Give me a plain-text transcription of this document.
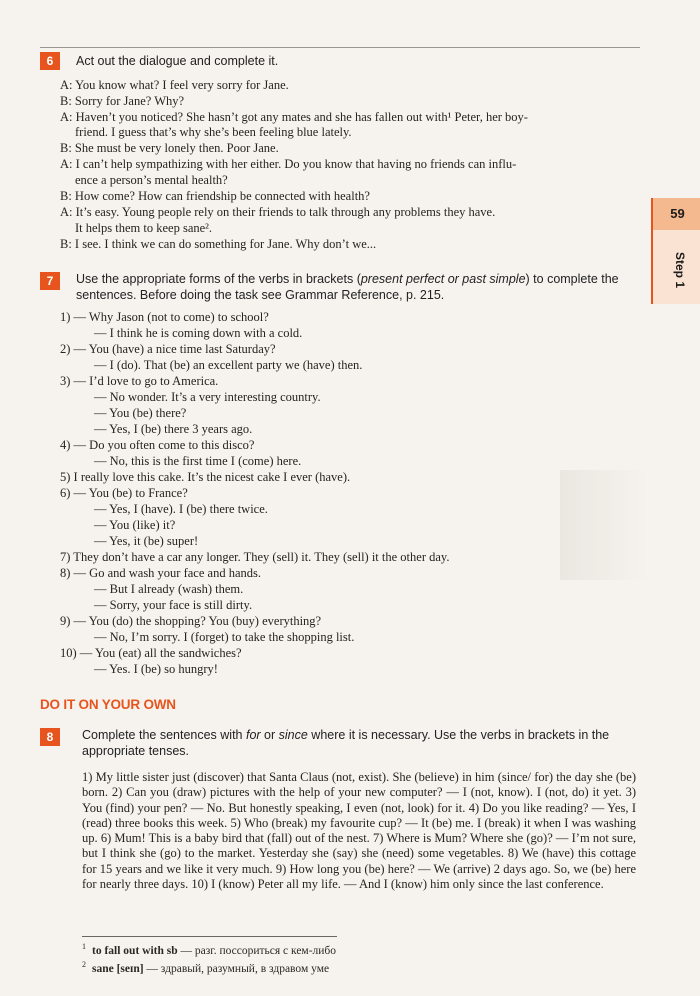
6	Act out the dialogue and complete it.
A: You know what? I feel very sorry for Jane.
B: Sorry for Jane? Why?
A: Haven’t you noticed? She hasn’t got any mates and she has fallen out with¹ Peter, her boy-
friend. I guess that’s why she’s been feeling blue lately.
B: She must be very lonely then. Poor Jane.
A: I can’t help sympathizing with her either. Do you know that having no friends can influ-
ence a person’s mental health?
B: How come? How can friendship be connected with health?
A: It’s easy. Young people rely on their friends to talk through any problems they have.
It helps them to keep sane².
B: I see. I think we can do something for Jane. Why don’t we...
59
Step 1
7	Use the appropriate forms of the verbs in brackets (present perfect or past simple) to complete the sentences. Before doing the task see Grammar Reference, p. 215.
1) — Why Jason (not to come) to school?
— I think he is coming down with a cold.
2) — You (have) a nice time last Saturday?
— I (do). That (be) an excellent party we (have) then.
3) — I’d love to go to America.
— No wonder. It’s a very interesting country.
— You (be) there?
— Yes, I (be) there 3 years ago.
4) — Do you often come to this disco?
— No, this is the first time I (come) here.
5) I really love this cake. It’s the nicest cake I ever (have).
6) — You (be) to France?
— Yes, I (have). I (be) there twice.
— You (like) it?
— Yes, it (be) super!
7) They don’t have a car any longer. They (sell) it. They (sell) it the other day.
8) — Go and wash your face and hands.
— But I already (wash) them.
— Sorry, your face is still dirty.
9) — You (do) the shopping? You (buy) everything?
— No, I’m sorry. I (forget) to take the shopping list.
10) — You (eat) all the sandwiches?
— Yes. I (be) so hungry!
DO IT ON YOUR OWN
8	Complete the sentences with for or since where it is necessary. Use the verbs in brackets in the appropriate tenses.
1) My little sister just (discover) that Santa Claus (not, exist). She (believe) in him (since/ for) the day she (be) born. 2) Can you (draw) pictures with the help of your new computer? — I (not, know). I (not, do) it yet. 3) You (find) your pen? — No. But honestly speaking, I even (not, look) for it. 4) Do you like reading? — Yes, I (read) three books this week. 5) Who (break) my favourite cup? — It (be) me. I (break) it when I was washing up. 6) Mum! This is a baby bird that (fall) out of the nest. 7) Where is Mum? Where she (go)? — I’m not sure, but I think she (go) to the market. Yesterday she (say) she (need) some vegetables. 8) We (have) this cottage for 15 years and we like it very much. 9) How long you (be) here? — We (arrive) 2 days ago. So, we (be) here for nearly three days. 10) I (know) Peter all my life. — And I (know) him only since the last conference.
$^1$ to fall out with sb — разг. поссориться с кем-либо
$^2$ sane [seɪn] — здравый, разумный, в здравом уме
